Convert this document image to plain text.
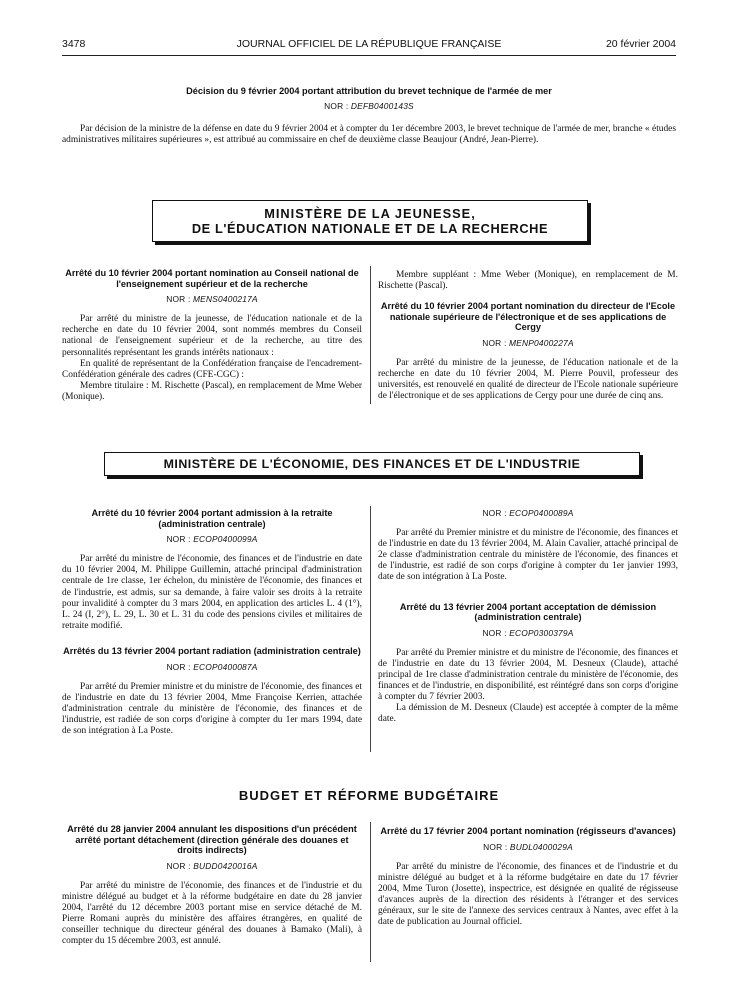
3478	JOURNAL OFFICIEL DE LA RÉPUBLIQUE FRANÇAISE	20 février 2004

Décision du 9 février 2004 portant attribution du brevet technique de l'armée de mer

NOR : DEFB0400143S

Par décision de la ministre de la défense en date du 9 février 2004 et à compter du 1er décembre 2003, le brevet technique de l'armée de mer, branche « études administratives militaires supérieures », est attribué au commissaire en chef de deuxième classe Beaujour (André, Jean-Pierre).

MINISTÈRE DE LA JEUNESSE,
DE L'ÉDUCATION NATIONALE ET DE LA RECHERCHE

Arrêté du 10 février 2004 portant nomination au Conseil national de l'enseignement supérieur et de la recherche

NOR : MENS0400217A

Par arrêté du ministre de la jeunesse, de l'éducation nationale et de la recherche en date du 10 février 2004, sont nommés membres du Conseil national de l'enseignement supérieur et de la recherche, au titre des personnalités représentant les grands intérêts nationaux :

En qualité de représentant de la Confédération française de l'encadrement-Confédération générale des cadres (CFE-CGC) :

Membre titulaire : M. Rischette (Pascal), en remplacement de Mme Weber (Monique).

Membre suppléant : Mme Weber (Monique), en remplacement de M. Rischette (Pascal).

Arrêté du 10 février 2004 portant nomination du directeur de l'Ecole nationale supérieure de l'électronique et de ses applications de Cergy

NOR : MENP0400227A

Par arrêté du ministre de la jeunesse, de l'éducation nationale et de la recherche en date du 10 février 2004, M. Pierre Pouvil, professeur des universités, est renouvelé en qualité de directeur de l'Ecole nationale supérieure de l'électronique et de ses applications de Cergy pour une durée de cinq ans.

MINISTÈRE DE L'ÉCONOMIE, DES FINANCES ET DE L'INDUSTRIE

Arrêté du 10 février 2004 portant admission à la retraite (administration centrale)

NOR : ECOP0400099A

Par arrêté du ministre de l'économie, des finances et de l'industrie en date du 10 février 2004, M. Philippe Guillemin, attaché principal d'administration centrale de 1re classe, 1er échelon, du ministère de l'économie, des finances et de l'industrie, est admis, sur sa demande, à faire valoir ses droits à la retraite pour invalidité à compter du 3 mars 2004, en application des articles L. 4 (1°), L. 24 (I, 2°), L. 29, L. 30 et L. 31 du code des pensions civiles et militaires de retraite modifié.

Arrêtés du 13 février 2004 portant radiation (administration centrale)

NOR : ECOP0400087A

Par arrêté du Premier ministre et du ministre de l'économie, des finances et de l'industrie en date du 13 février 2004, Mme Françoise Kerrien, attachée d'administration centrale du ministère de l'économie, des finances et de l'industrie, est radiée de son corps d'origine à compter du 1er mars 1994, date de son intégration à La Poste.

NOR : ECOP0400089A

Par arrêté du Premier ministre et du ministre de l'économie, des finances et de l'industrie en date du 13 février 2004, M. Alain Cavalier, attaché principal de 2e classe d'administration centrale du ministère de l'économie, des finances et de l'industrie, est radié de son corps d'origine à compter du 1er janvier 1993, date de son intégration à La Poste.

Arrêté du 13 février 2004 portant acceptation de démission (administration centrale)

NOR : ECOP0300379A

Par arrêté du Premier ministre et du ministre de l'économie, des finances et de l'industrie en date du 13 février 2004, M. Desneux (Claude), attaché principal de 1re classe d'administration centrale du ministère de l'économie, des finances et de l'industrie, en disponibilité, est réintégré dans son corps d'origine à compter du 7 février 2003.

La démission de M. Desneux (Claude) est acceptée à compter de la même date.

BUDGET ET RÉFORME BUDGÉTAIRE

Arrêté du 28 janvier 2004 annulant les dispositions d'un précédent arrêté portant détachement (direction générale des douanes et droits indirects)

NOR : BUDD0420016A

Par arrêté du ministre de l'économie, des finances et de l'industrie et du ministre délégué au budget et à la réforme budgétaire en date du 28 janvier 2004, l'arrêté du 12 décembre 2003 portant mise en service détaché de M. Pierre Romani auprès du ministère des affaires étrangères, en qualité de conseiller technique du directeur général des douanes à Bamako (Mali), à compter du 15 décembre 2003, est annulé.

Arrêté du 17 février 2004 portant nomination (régisseurs d'avances)

NOR : BUDL0400029A

Par arrêté du ministre de l'économie, des finances et de l'industrie et du ministre délégué au budget et à la réforme budgétaire en date du 17 février 2004, Mme Turon (Josette), inspectrice, est désignée en qualité de régisseuse d'avances auprès de la direction des résidents à l'étranger et des services généraux, sur le site de l'annexe des services centraux à Nantes, avec effet à la date de publication au Journal officiel.
